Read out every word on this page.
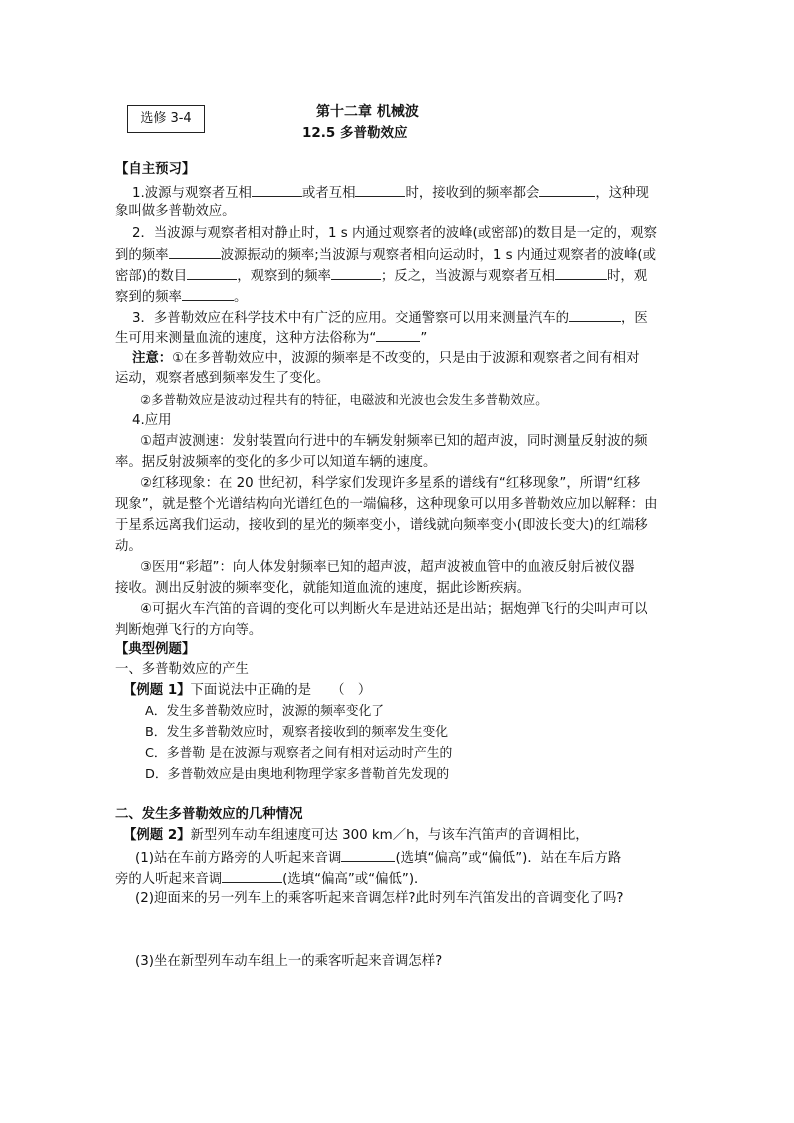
选修 3-4	第十二章 机械波
12.5 多普勒效应
【自主预习】
1.波源与观察者互相	或者互相	时，接收到的频率都会	，这种现
象叫做多普勒效应。
2．当波源与观察者相对静止时，1 s 内通过观察者的波峰(或密部)的数目是一定的，观察
到的频率	波源振动的频率;当波源与观察者相向运动时，1 s 内通过观察者的波峰(或
密部)的数目	，观察到的频率	；反之，当波源与观察者互相	时，观
察到的频率	。
3．多普勒效应在科学技术中有广泛的应用。交通警察可以用来测量汽车的	，医
生可用来测量血流的速度，这种方法俗称为“	”
注意：①在多普勒效应中，波源的频率是不改变的，只是由于波源和观察者之间有相对
运动，观察者感到频率发生了变化。
②多普勒效应是波动过程共有的特征，电磁波和光波也会发生多普勒效应。
4.应用
①超声波测速：发射装置向行进中的车辆发射频率已知的超声波，同时测量反射波的频
率。据反射波频率的变化的多少可以知道车辆的速度。
②红移现象：在 20 世纪初，科学家们发现许多星系的谱线有“红移现象”，所谓“红移
现象”，就是整个光谱结构向光谱红色的一端偏移，这种现象可以用多普勒效应加以解释：由
于星系远离我们运动，接收到的星光的频率变小，谱线就向频率变小(即波长变大)的红端移
动。
③医用“彩超”：向人体发射频率已知的超声波，超声波被血管中的血液反射后被仪器
接收。测出反射波的频率变化，就能知道血流的速度，据此诊断疾病。
④可据火车汽笛的音调的变化可以判断火车是进站还是出站；据炮弹飞行的尖叫声可以
判断炮弹飞行的方向等。
【典型例题】
一、多普勒效应的产生
【例题 1】下面说法中正确的是　　（　）
A．发生多普勒效应时，波源的频率变化了
B．发生多普勒效应时，观察者接收到的频率发生变化
C．多普勒 是在波源与观察者之间有相对运动时产生的
D．多普勒效应是由奥地利物理学家多普勒首先发现的
二、发生多普勒效应的几种情况
【例题 2】新型列车动车组速度可达 300 km／h，与该车汽笛声的音调相比，
(1)站在车前方路旁的人听起来音调	(选填“偏高”或“偏低”)．站在车后方路
旁的人听起来音调	(选填“偏高”或“偏低”)．
(2)迎面来的另一列车上的乘客听起来音调怎样?此时列车汽笛发出的音调变化了吗?
(3)坐在新型列车动车组上一的乘客听起来音调怎样?
